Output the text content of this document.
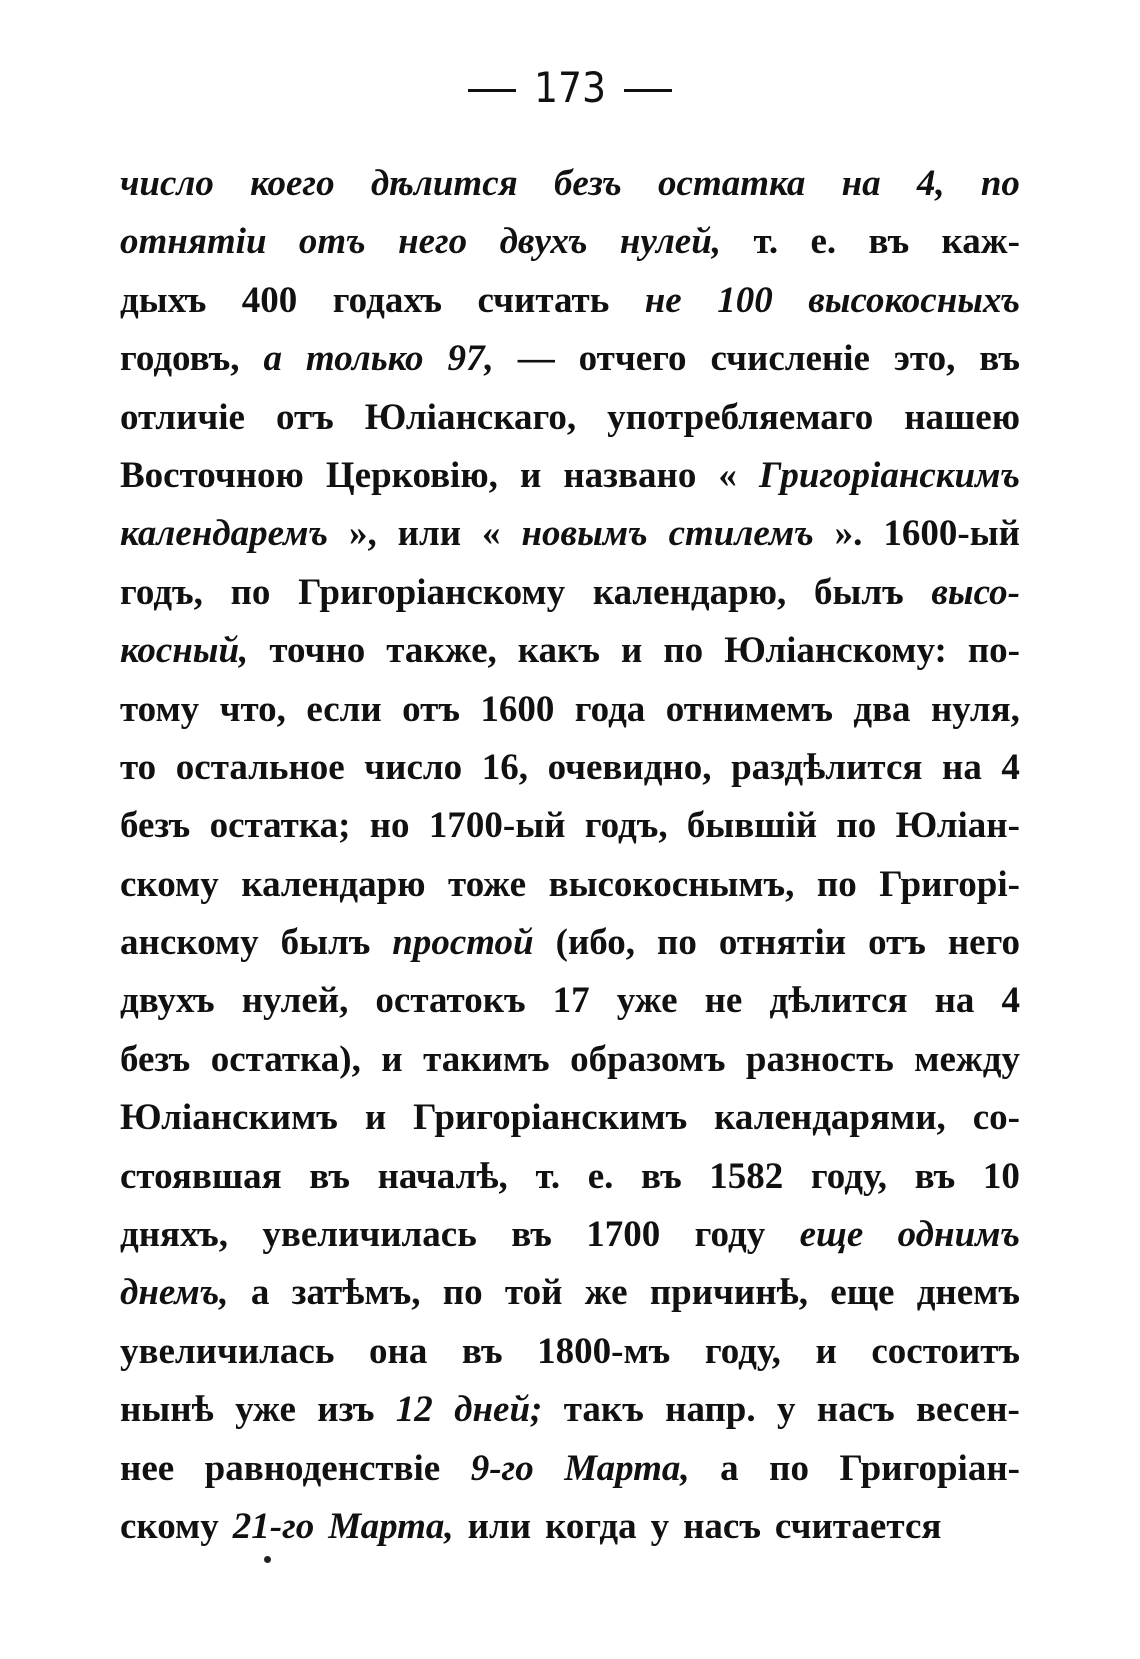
173
число коего дѣлится безъ остатка на 4, по
отнятіи отъ него двухъ нулей, т. е. въ каж-
дыхъ 400 годахъ считать не 100 высокосныхъ
годовъ, а только 97, — отчего счисленіе это, въ
отличіе отъ Юліанскаго, употребляемаго нашею
Восточною Церковію, и названо « Григоріанскимъ
календаремъ », или « новымъ стилемъ ». 1600-ый
годъ, по Григоріанскому календарю, былъ высо-
косный, точно также, какъ и по Юліанскому: по-
тому что, если отъ 1600 года отнимемъ два нуля,
то остальное число 16, очевидно, раздѣлится на 4
безъ остатка; но 1700-ый годъ, бывшій по Юліан-
скому календарю тоже высокоснымъ, по Григорі-
анскому былъ простой (ибо, по отнятіи отъ него
двухъ нулей, остатокъ 17 уже не дѣлится на 4
безъ остатка), и такимъ образомъ разность между
Юліанскимъ и Григоріанскимъ календарями, со-
стоявшая въ началѣ, т. е. въ 1582 году, въ 10
дняхъ, увеличилась въ 1700 году еще однимъ
днемъ, а затѣмъ, по той же причинѣ, еще днемъ
увеличилась она въ 1800-мъ году, и состоитъ
нынѣ уже изъ 12 дней; такъ напр. у насъ весен-
нее равноденствіе 9-го Марта, а по Григоріан-
скому 21-го Марта, или когда у насъ считается
